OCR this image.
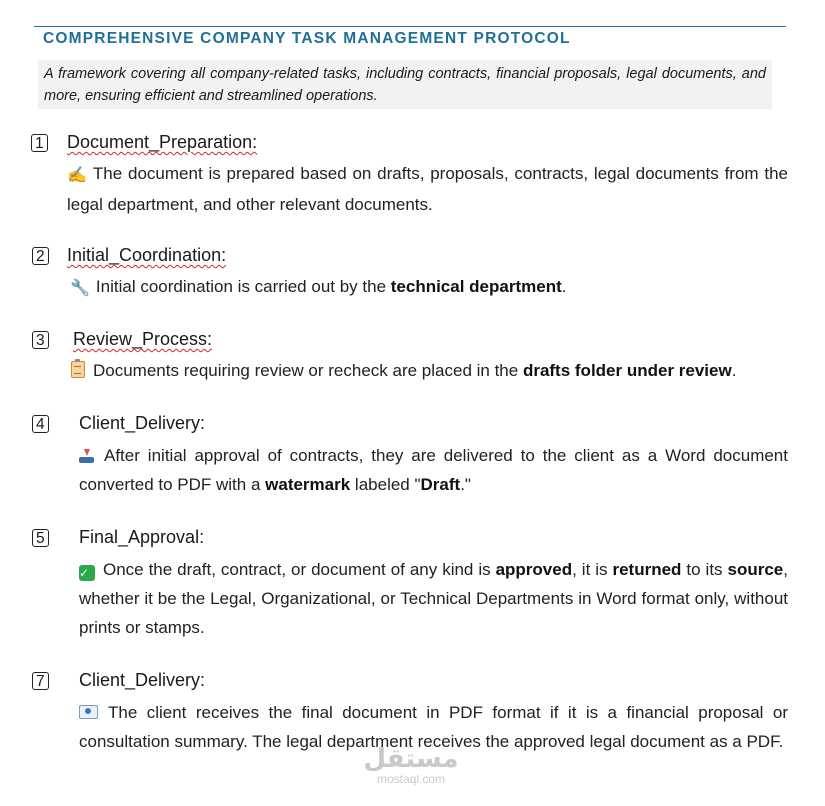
COMPREHENSIVE COMPANY TASK MANAGEMENT PROTOCOL
A framework covering all company-related tasks, including contracts, financial proposals, legal documents, and more, ensuring efficient and streamlined operations.
1 Document_Preparation:
✍️ The document is prepared based on drafts, proposals, contracts, legal documents from the legal department, and other relevant documents.
2 Initial_Coordination:
🔧 Initial coordination is carried out by the technical department.
3 Review_Process:
Documents requiring review or recheck are placed in the drafts folder under review.
4 Client_Delivery:
After initial approval of contracts, they are delivered to the client as a Word document converted to PDF with a watermark labeled "Draft."
5 Final_Approval:
✓ Once the draft, contract, or document of any kind is approved, it is returned to its source, whether it be the Legal, Organizational, or Technical Departments in Word format only, without prints or stamps.
7 Client_Delivery:
The client receives the final document in PDF format if it is a financial proposal or consultation summary. The legal department receives the approved legal document as a PDF.
مستقل
mostaql.com
